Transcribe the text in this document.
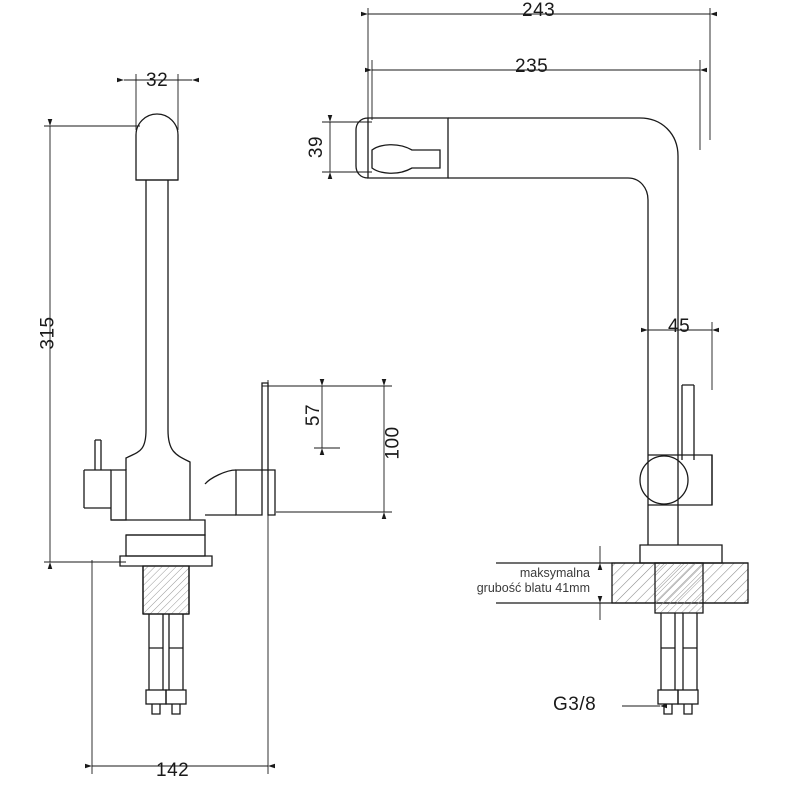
243
235
39
315
32
142
57
100
45
G3/8
maksymalna
grubość blatu 41mm
